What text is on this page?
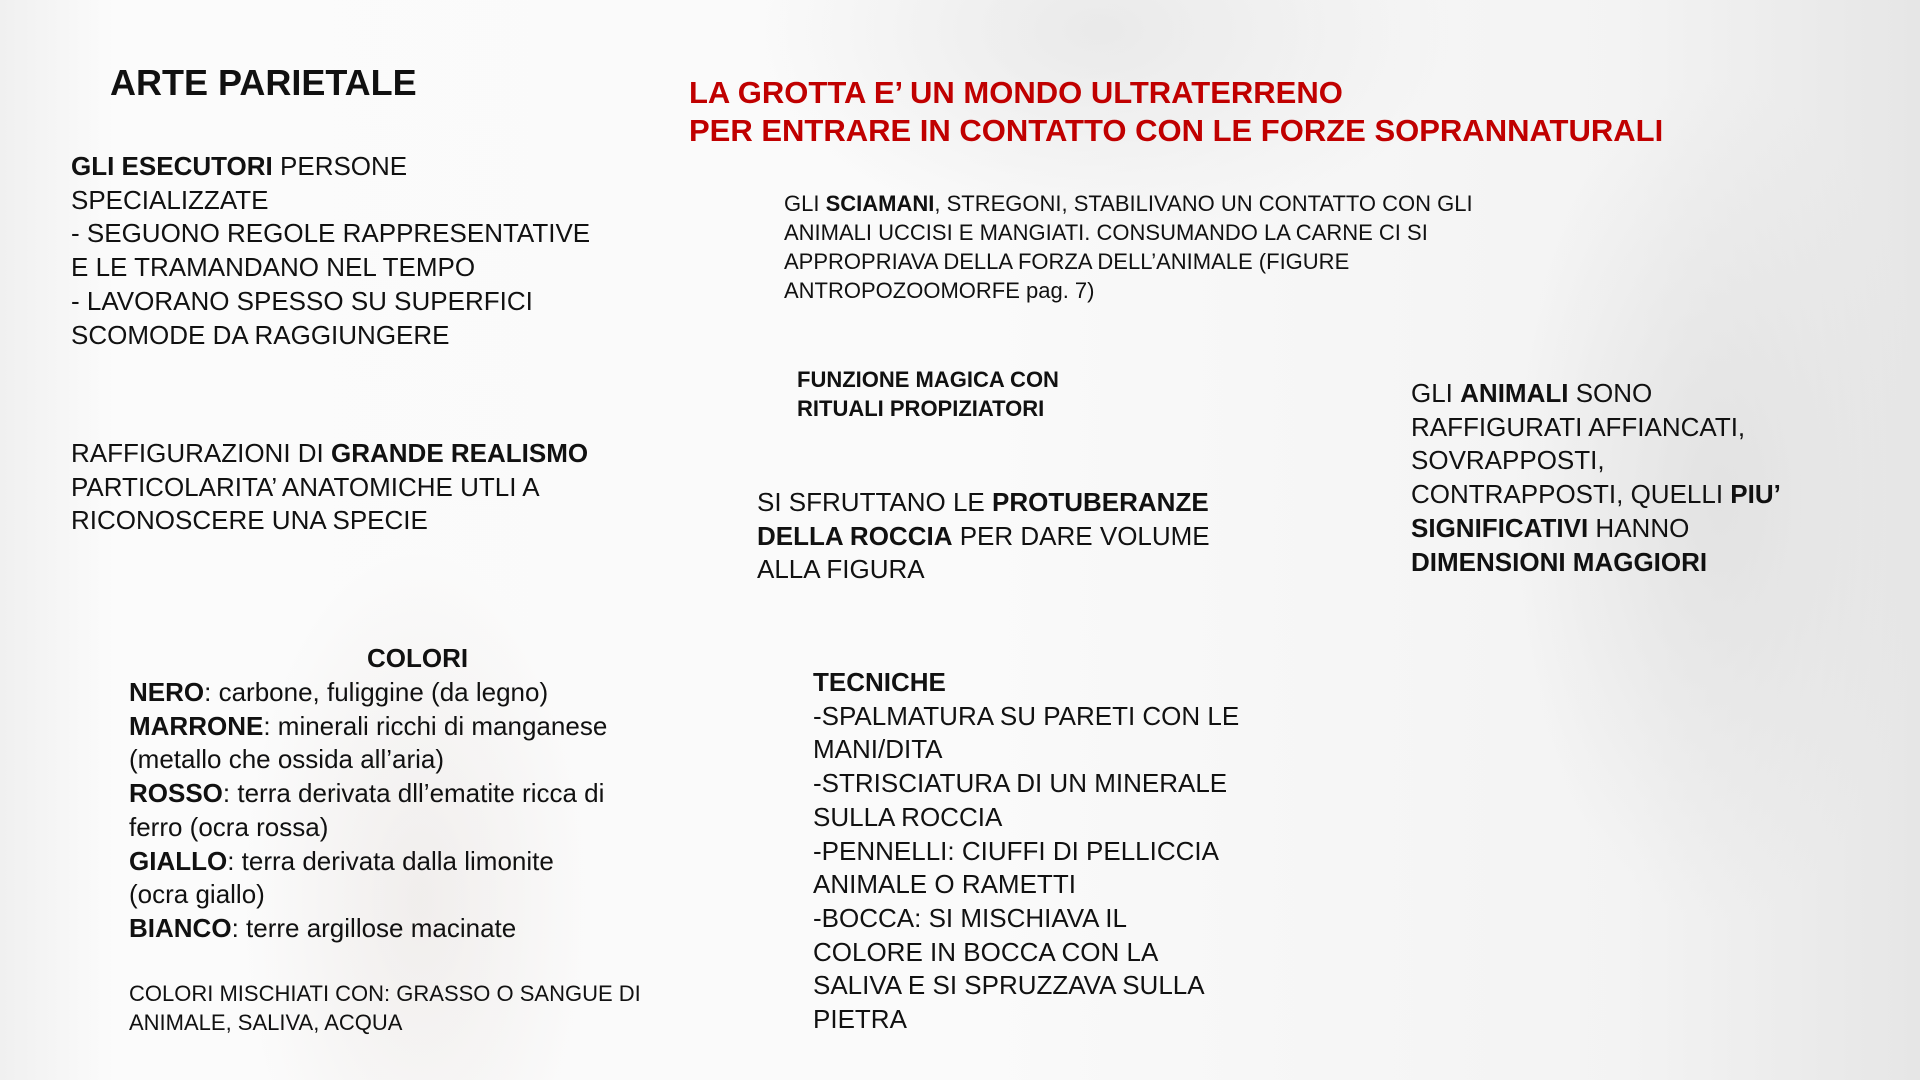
ARTE PARIETALE	LA GROTTA E’ UN MONDO ULTRATERRENO
PER ENTRARE IN CONTATTO CON LE FORZE SOPRANNATURALI
GLI ESECUTORI PERSONE
SPECIALIZZATE
- SEGUONO REGOLE RAPPRESENTATIVE
E LE TRAMANDANO NEL TEMPO
- LAVORANO SPESSO SU SUPERFICI
SCOMODE DA RAGGIUNGERE
GLI SCIAMANI, STREGONI, STABILIVANO UN CONTATTO CON GLI
ANIMALI UCCISI E MANGIATI. CONSUMANDO LA CARNE CI SI
APPROPRIAVA DELLA FORZA DELL’ANIMALE (FIGURE
ANTROPOZOOMORFE pag. 7)
FUNZIONE MAGICA CON
RITUALI PROPIZIATORI
RAFFIGURAZIONI DI GRANDE REALISMO
PARTICOLARITA’ ANATOMICHE UTLI A
RICONOSCERE UNA SPECIE
SI SFRUTTANO LE PROTUBERANZE
DELLA ROCCIA PER DARE VOLUME
ALLA FIGURA
GLI ANIMALI SONO
RAFFIGURATI AFFIANCATI,
SOVRAPPOSTI,
CONTRAPPOSTI, QUELLI PIU’
SIGNIFICATIVI HANNO
DIMENSIONI MAGGIORI
COLORI
NERO: carbone, fuliggine (da legno)
MARRONE: minerali ricchi di manganese
(metallo che ossida all’aria)
ROSSO: terra derivata dll’ematite ricca di
ferro (ocra rossa)
GIALLO: terra derivata dalla limonite
(ocra giallo)
BIANCO: terre argillose macinate
COLORI MISCHIATI CON: GRASSO O SANGUE DI
ANIMALE, SALIVA, ACQUA
TECNICHE
-SPALMATURA SU PARETI CON LE
MANI/DITA
-STRISCIATURA DI UN MINERALE
SULLA ROCCIA
-PENNELLI: CIUFFI DI PELLICCIA
ANIMALE O RAMETTI
-BOCCA: SI MISCHIAVA IL
COLORE IN BOCCA CON LA
SALIVA E SI SPRUZZAVA SULLA
PIETRA
